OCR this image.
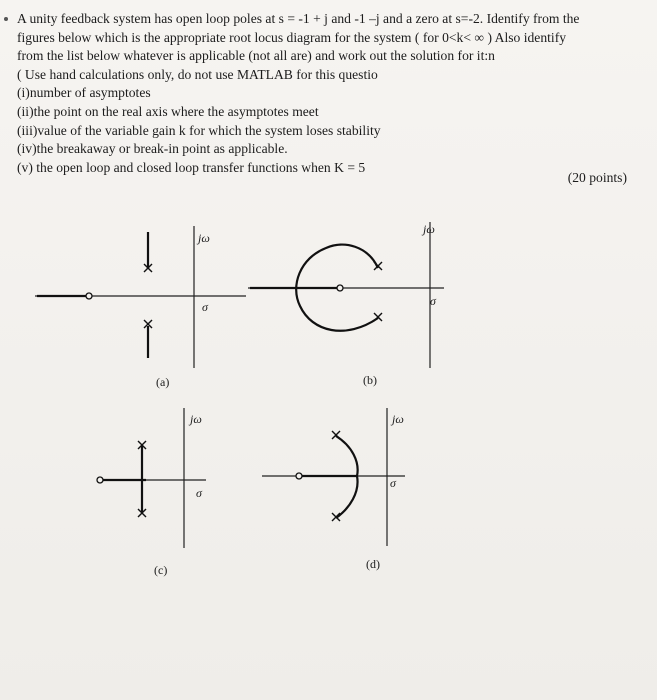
A unity feedback system has open loop poles at s = -1 + j and -1 –j and a zero at s=-2. Identify from the
figures below which is the appropriate root locus diagram for the system ( for 0<k< ∞ ) Also identify
from the list below whatever is applicable (not all are) and work out the solution for it:n
( Use hand calculations only, do not use MATLAB for this questio
(i)number of asymptotes
(ii)the point on the real axis where the asymptotes meet
(iii)value of the variable gain k for which the system loses stability
(iv)the breakaway or break-in point as applicable.
(v) the open loop and closed loop transfer functions when K = 5
(20 points)
jω
σ
(a)
jω
σ
(b)
jω
σ
(c)
jω
σ
(d)
